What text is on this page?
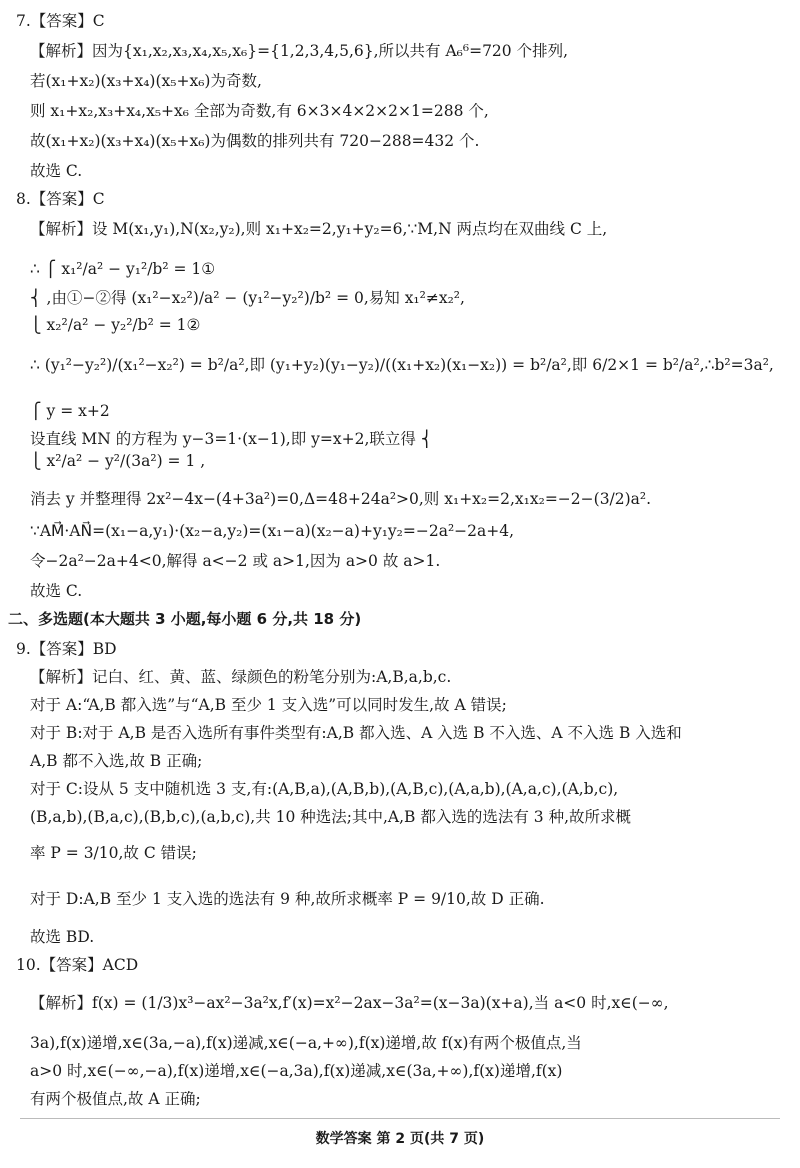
7.【答案】C
【解析】因为{x₁,x₂,x₃,x₄,x₅,x₆}={1,2,3,4,5,6},所以共有 A₆⁶=720 个排列,
若(x₁+x₂)(x₃+x₄)(x₅+x₆)为奇数,
则 x₁+x₂,x₃+x₄,x₅+x₆ 全部为奇数,有 6×3×4×2×2×1=288 个,
故(x₁+x₂)(x₃+x₄)(x₅+x₆)为偶数的排列共有 720−288=432 个.
故选 C.
8.【答案】C
【解析】设 M(x₁,y₁),N(x₂,y₂),则 x₁+x₂=2,y₁+y₂=6,∵M,N 两点均在双曲线 C 上,
∴ ⎧ x₁²/a² − y₁²/b² = 1①
⎨ ,由①−②得 (x₁²−x₂²)/a² − (y₁²−y₂²)/b² = 0,易知 x₁²≠x₂²,
⎩ x₂²/a² − y₂²/b² = 1②
∴ (y₁²−y₂²)/(x₁²−x₂²) = b²/a²,即 (y₁+y₂)(y₁−y₂)/((x₁+x₂)(x₁−x₂)) = b²/a²,即 6/2×1 = b²/a²,∴b²=3a²,
⎧ y = x+2
设直线 MN 的方程为 y−3=1·(x−1),即 y=x+2,联立得 ⎨
⎩ x²/a² − y²/(3a²) = 1 ,
消去 y 并整理得 2x²−4x−(4+3a²)=0,Δ=48+24a²>0,则 x₁+x₂=2,x₁x₂=−2−(3/2)a².
∵AM⃗·AN⃗=(x₁−a,y₁)·(x₂−a,y₂)=(x₁−a)(x₂−a)+y₁y₂=−2a²−2a+4,
令−2a²−2a+4<0,解得 a<−2 或 a>1,因为 a>0 故 a>1.
故选 C.
二、多选题(本大题共 3 小题,每小题 6 分,共 18 分)
9.【答案】BD
【解析】记白、红、黄、蓝、绿颜色的粉笔分别为:A,B,a,b,c.
对于 A:“A,B 都入选”与“A,B 至少 1 支入选”可以同时发生,故 A 错误;
对于 B:对于 A,B 是否入选所有事件类型有:A,B 都入选、A 入选 B 不入选、A 不入选 B 入选和
A,B 都不入选,故 B 正确;
对于 C:设从 5 支中随机选 3 支,有:(A,B,a),(A,B,b),(A,B,c),(A,a,b),(A,a,c),(A,b,c),
(B,a,b),(B,a,c),(B,b,c),(a,b,c),共 10 种选法;其中,A,B 都入选的选法有 3 种,故所求概
率 P = 3/10,故 C 错误;
对于 D:A,B 至少 1 支入选的选法有 9 种,故所求概率 P = 9/10,故 D 正确.
故选 BD.
10.【答案】ACD
【解析】f(x) = (1/3)x³−ax²−3a²x,f′(x)=x²−2ax−3a²=(x−3a)(x+a),当 a<0 时,x∈(−∞,
3a),f(x)递增,x∈(3a,−a),f(x)递减,x∈(−a,+∞),f(x)递增,故 f(x)有两个极值点,当
a>0 时,x∈(−∞,−a),f(x)递增,x∈(−a,3a),f(x)递减,x∈(3a,+∞),f(x)递增,f(x)
有两个极值点,故 A 正确;
数学答案 第 2 页(共 7 页)
